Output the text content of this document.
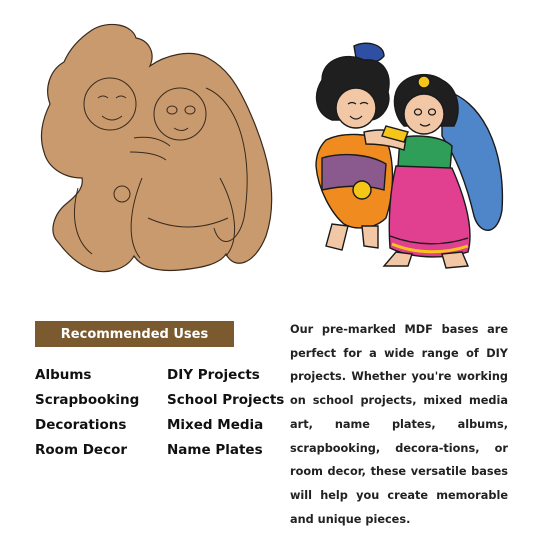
Recommended Uses
Albums
Scrapbooking
Decorations
Room Decor
DIY Projects
School Projects
Mixed Media
Name Plates

Our pre-marked MDF bases are perfect for a wide range of DIY projects. Whether you're working on school projects, mixed media art, name plates, albums, scrapbooking, decora-tions, or room decor, these versatile bases will help you create memorable and unique pieces.
